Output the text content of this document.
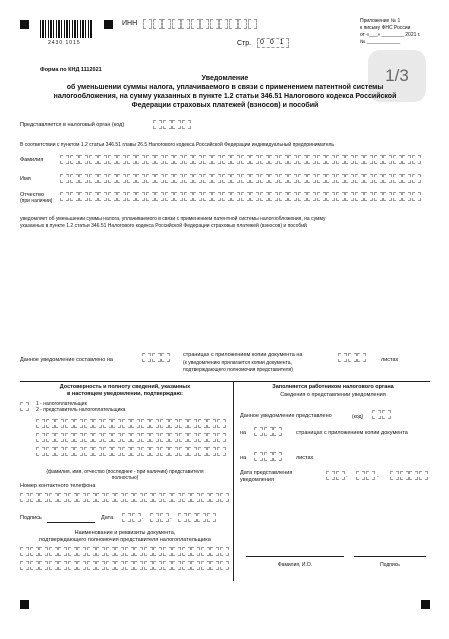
2430 1015
ИНН
Стр.	0 0 1
Приложение № 1
к письму ФНС России
от «___» ________ 2021 г.
№ ____________
Форма по КНД 1112021	1/3
Уведомление
об уменьшении суммы налога, уплачиваемого в связи с применением патентной системы
налогообложения, на сумму указанных в пункте 1.2 статьи 346.51 Налогового кодекса Российской
Федерации страховых платежей (взносов) и пособий
Представляется в налоговый орган (код)
В соответствии с пунктом 1.2 статьи 346.51 главы 26.5 Налогового кодекса Российской Федерации индивидуальный предприниматель
Фамилия
Имя
Отчество
(при наличии)
уведомляет об уменьшении суммы налога, уплачиваемого в связи с применением патентной системы налогообложения, на сумму
указанных в пункте 1.2 статьи 346.51 Налогового кодекса Российской Федерации страховых платежей (взносов) и пособий
Данное уведомление составлено на
страницах с приложением копии документа на
(к уведомлению прилагается копии документа,
подтверждающего полномочия представителя)
листах
Достоверность и полноту сведений, указанных
в настоящем уведомлении, подтверждаю:
1 - налогоплательщик
2 - представитель налогоплательщика
(фамилия, имя, отчество (последнее - при наличии) представителя
полностью)
Номер контактного телефона
Подпись	Дата	.	.
Наименование и реквизиты документа,
подтверждающего полномочия представителя налогоплательщика
Заполняется работником налогового органа
Сведения о представлении уведомления
Данное уведомление представлено	(код)
на	страницах с приложением копии документа
на	листах
Дата представления
уведомления
.	.
Фамилия, И.О.	Подпись
